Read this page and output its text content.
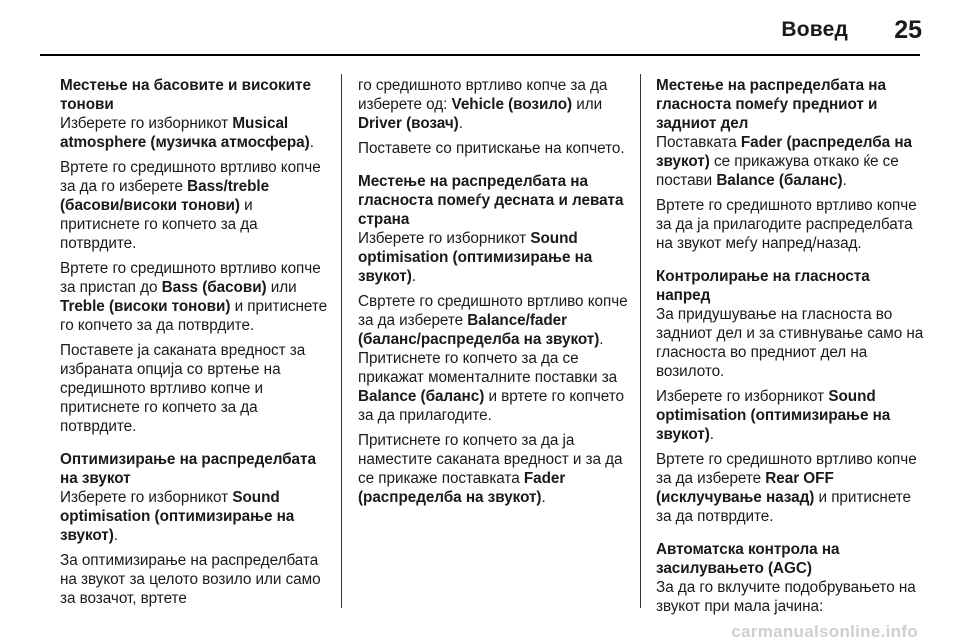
Вовед 25
Местење на басовите и високите тонови

Изберете го изборникот Musical atmosphere (музичка атмосфера).

Вртете го средишното вртливо копче за да го изберете Bass/treble (басови/високи тонови) и притиснете го копчето за да потврдите.

Вртете го средишното вртливо копче за пристап до Bass (басови) или Treble (високи тонови) и притиснете го копчето за да потврдите.

Поставете ја сакaната вредност за избраната опција со вртење на средишното вртливо копче и притиснете го копчето за да потврдите.

Оптимизирање на распределбата на звукот

Изберете го изборникот Sound optimisation (оптимизирање на звукот).

За оптимизирање на распределбата на звукот за целото возило или само за возачот, вртете

го средишното вртливо копче за да изберете од: Vehicle (возило) или Driver (возач).

Поставете со притискање на копчето.

Местење на распределбата на гласноста помеѓу десната и левата страна

Изберете го изборникот Sound optimisation (оптимизирање на звукот).

Свртете го средишното вртливо копче за да изберете Balance/fader (баланс/распределба на звукот). Притиснете го копчето за да се прикажат моменталните поставки за Balance (баланс) и вртете го копчето за да прилагодите.

Притиснете го копчето за да ја наместите саканата вредност и за да се прикаже поставката Fader (распределба на звукот).

Местење на распределбата на гласноста помеѓу предниот и задниот дел

Поставката Fader (распределба на звукот) се прикажува откако ќе се постави Balance (баланс).

Вртете го средишното вртливо копче за да ја прилагодите распределбата на звукот меѓу напред/назад.

Контролирање на гласноста напред

За придушување на гласноста во задниот дел и за стивнување само на гласноста во предниот дел на возилото.

Изберете го изборникот Sound optimisation (оптимизирање на звукот).

Вртете го средишното вртливо копче за да изберете Rear OFF (исклучување назад) и притиснете за да потврдите.

Автоматска контрола на засилувањето (AGC)

За да го вклучите подобрувањето на звукот при мала јачина:

carmanualsonline.info
